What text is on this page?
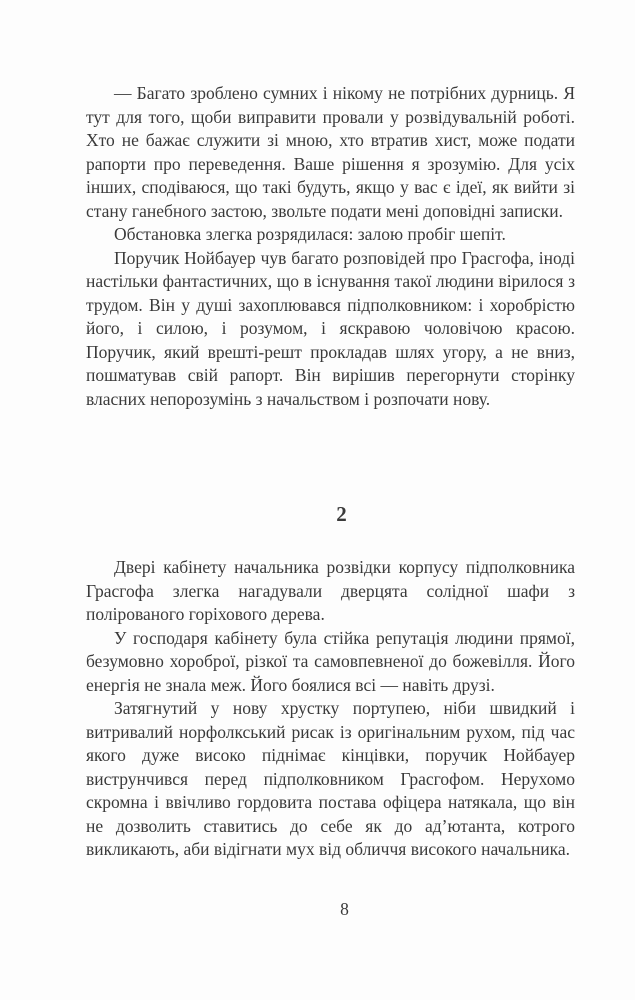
— Багато зроблено сумних і нікому не потрібних дурниць. Я тут для того, щоби виправити провали у розвідувальній роботі. Хто не бажає служити зі мною, хто втратив хист, може подати рапорти про переведення. Ваше рішення я зрозумію. Для усіх інших, сподіваюся, що такі будуть, якщо у вас є ідеї, як вийти зі стану ганебного застою, звольте подати мені доповідні записки.

Обстановка злегка розрядилася: залою пробіг шепіт.

Поручик Нойбауер чув багато розповідей про Грасгофа, іноді настільки фантастичних, що в існування такої людини вірилося з трудом. Він у душі захоплювався підполковником: і хоробрістю його, і силою, і розумом, і яскравою чоловічою красою. Поручик, який врешті-решт прокладав шлях угору, а не вниз, пошматував свій рапорт. Він вирішив перегорнути сторінку власних непорозумінь з начальством і розпочати нову.

2

Двері кабінету начальника розвідки корпусу підполковника Грасгофа злегка нагадували дверцята солідної шафи з полірованого горіхового дерева.

У господаря кабінету була стійка репутація людини прямої, безумовно хороброї, різкої та самовпевненої до божевілля. Його енергія не знала меж. Його боялися всі — навіть друзі.

Затягнутий у нову хрустку портупею, ніби швидкий і витривалий норфолкський рисак із оригінальним рухом, під час якого дуже високо піднімає кінцівки, поручик Нойбауер виструнчився перед підполковником Грасгофом. Нерухомо скромна і ввічливо гордовита постава офіцера натякала, що він не дозволить ставитись до себе як до ад’ютанта, котрого викликають, аби відігнати мух від обличчя високого начальника.

8
